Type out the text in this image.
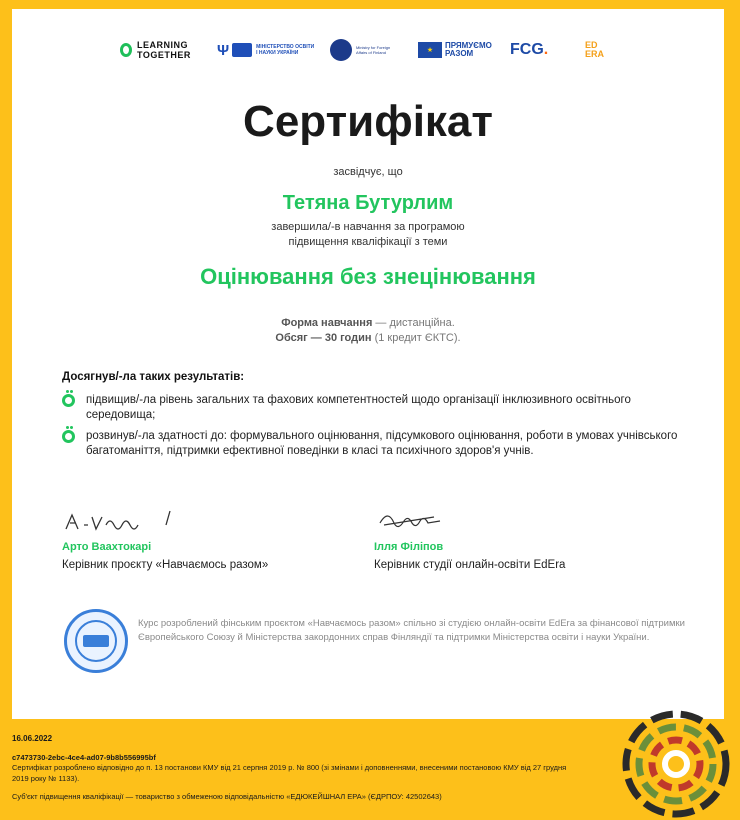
LEARNING
TOGETHER Ψ	МІНІСТЕРСТВО ОСВІТИ І НАУКИ УКРАЇНИ
Ministry for Foreign Affairs of Finland	★
ПРЯМУЄМО
РАЗОМ	FCG .	ED
ERA
Сертифікат
засвідчує, що
Тетяна Бутурлим
завершила/-в навчання за програмою
підвищення кваліфікації з теми
Оцінювання без знецінювання
Форма навчання — дистанційна.
Обсяг — 30 годин (1 кредит ЄКТС).
Досягнув/-ла таких результатів:
підвищив/-ла рівень загальних та фахових компетентностей щодо організації інклюзивного освітнього середовища;
розвинув/-ла здатності до: формувального оцінювання, підсумкового оцінювання, роботи в умовах учнівського багатоманіття, підтримки ефективної поведінки в класі та психічного здоров'я учнів.
Арто Ваахтокарі
Керівник проєкту «Навчаємось разом»
Ілля Філіпов
Керівник студії онлайн-освіти EdEra
Курс розроблений фінським проєктом «Навчаємось разом» спільно зі студією онлайн-освіти EdEra за фінансової підтримки Європейського Союзу й Міністерства закордонних справ Фінляндії та підтримки Міністерства освіти і науки України.
16.06.2022
c7473730-2ebc-4ce4-ad07-9b8b556995bf
Сертифікат розроблено відповідно до п. 13 постанови КМУ від 21 серпня 2019 р. № 800 (зі змінами і доповненнями, внесеними постановою КМУ від 27 грудня 2019 року № 1133).
Суб'єкт підвищення кваліфікації — товариство з обмеженою відповідальністю «ЕДЮКЕЙШНАЛ ЕРА» (ЄДРПОУ: 42502643)
